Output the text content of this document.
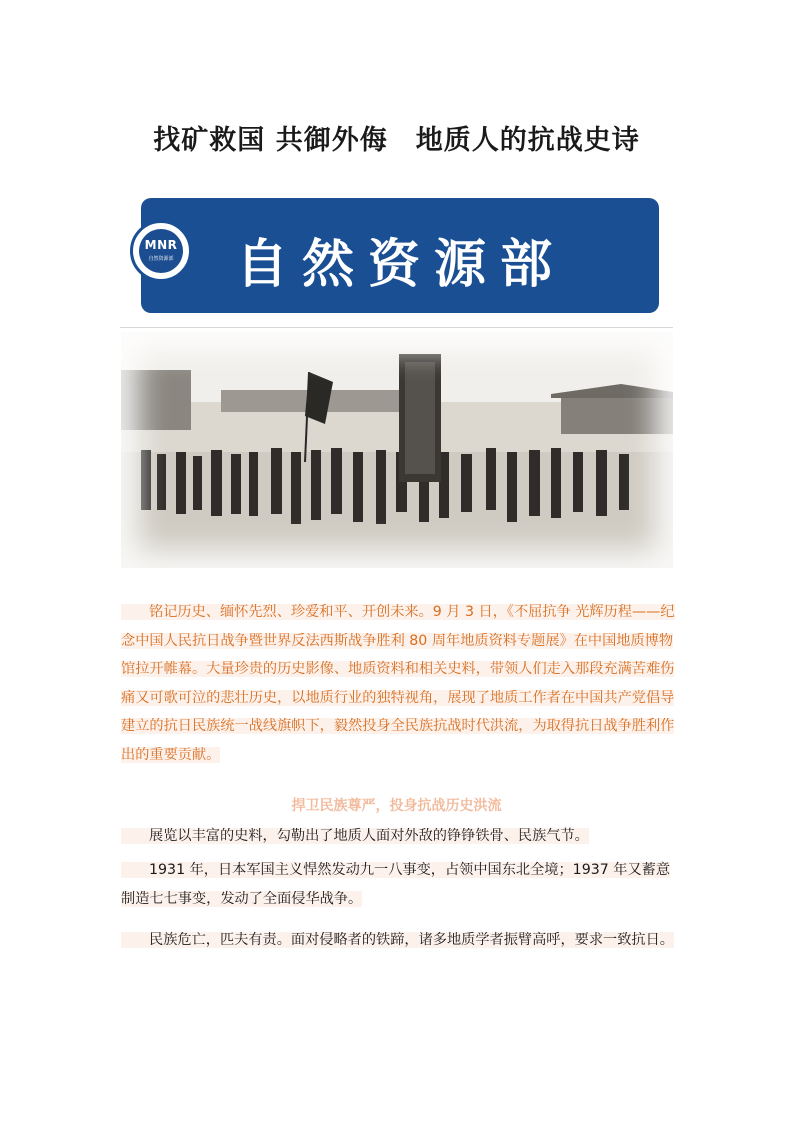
找矿救国 共御外侮　地质人的抗战史诗
MNR
自然资源部 自然资源部
铭记历史、缅怀先烈、珍爱和平、开创未来。9 月 3 日，《不屈抗争 光辉历程——纪念中国人民抗日战争暨世界反法西斯战争胜利 80 周年地质资料专题展》在中国地质博物馆拉开帷幕。大量珍贵的历史影像、地质资料和相关史料，带领人们走入那段充满苦难伤痛又可歌可泣的悲壮历史，以地质行业的独特视角，展现了地质工作者在中国共产党倡导建立的抗日民族统一战线旗帜下，毅然投身全民族抗战时代洪流，为取得抗日战争胜利作出的重要贡献。
捍卫民族尊严，投身抗战历史洪流
展览以丰富的史料，勾勒出了地质人面对外敌的铮铮铁骨、民族气节。
1931 年，日本军国主义悍然发动九一八事变，占领中国东北全境；1937 年又蓄意制造七七事变，发动了全面侵华战争。
民族危亡，匹夫有责。面对侵略者的铁蹄，诸多地质学者振臂高呼，要求一致抗日。
